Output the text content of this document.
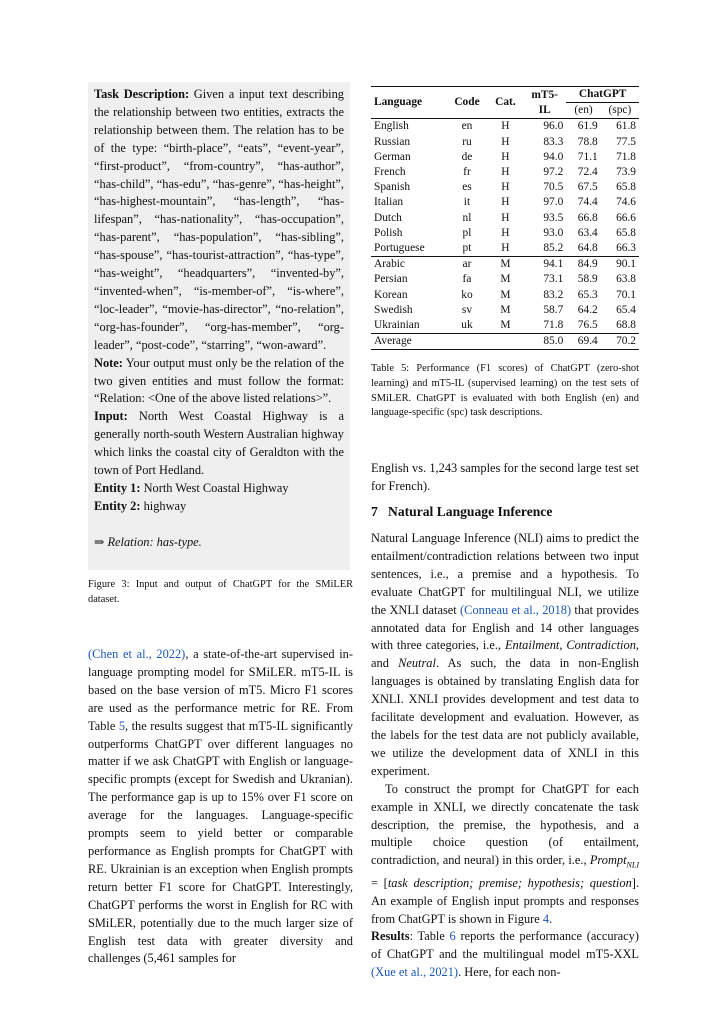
Task Description: Given a input text describing the relationship between two entities, extracts the relationship between them. The relation has to be of the type: “birth-place”, “eats”, “event-year”, “first-product”, “from-country”, “has-author”, “has-child”, “has-edu”, “has-genre”, “has-height”, “has-highest-mountain”, “has-length”, “has-lifespan”, “has-nationality”, “has-occupation”, “has-parent”, “has-population”, “has-sibling”, “has-spouse”, “has-tourist-attraction”, “has-type”, “has-weight”, “headquarters”, “invented-by”, “invented-when”, “is-member-of”, “is-where”, “loc-leader”, “movie-has-director”, “no-relation”, “org-has-founder”, “org-has-member”, “org-leader”, “post-code”, “starring”, “won-award”.

Note: Your output must only be the relation of the two given entities and must follow the format: “Relation: <One of the above listed relations>”.

Input: North West Coastal Highway is a generally north-south Western Australian highway which links the coastal city of Geraldton with the town of Port Hedland.

Entity 1: North West Coastal Highway

Entity 2: highway

⇒ Relation: has-type.

Figure 3: Input and output of ChatGPT for the SMiLER dataset.

(Chen et al., 2022), a state-of-the-art supervised in-language prompting model for SMiLER. mT5-IL is based on the base version of mT5. Micro F1 scores are used as the performance metric for RE. From Table 5, the results suggest that mT5-IL significantly outperforms ChatGPT over different languages no matter if we ask ChatGPT with English or language-specific prompts (except for Swedish and Ukranian). The performance gap is up to 15% over F1 score on average for the languages. Language-specific prompts seem to yield better or comparable performance as English prompts for ChatGPT with RE. Ukrainian is an exception when English prompts return better F1 score for ChatGPT. Interestingly, ChatGPT performs the worst in English for RC with SMiLER, potentially due to the much larger size of English test data with greater diversity and challenges (5,461 samples for

Language	Code	Cat.	mT5-
IL	ChatGPT	
				(en)	(spc)
English	en	H	96.0	61.9	61.8
Russian	ru	H	83.3	78.8	77.5
German	de	H	94.0	71.1	71.8
French	fr	H	97.2	72.4	73.9
Spanish	es	H	70.5	67.5	65.8
Italian	it	H	97.0	74.4	74.6
Dutch	nl	H	93.5	66.8	66.6
Polish	pl	H	93.0	63.4	65.8
Portuguese	pt	H	85.2	64.8	66.3
Arabic	ar	M	94.1	84.9	90.1
Persian	fa	M	73.1	58.9	63.8
Korean	ko	M	83.2	65.3	70.1
Swedish	sv	M	58.7	64.2	65.4
Ukrainian	uk	M	71.8	76.5	68.8
Average			85.0	69.4	70.2

Table 5: Performance (F1 scores) of ChatGPT (zero-shot learning) and mT5-IL (supervised learning) on the test sets of SMiLER. ChatGPT is evaluated with both English (en) and language-specific (spc) task descriptions.

English vs. 1,243 samples for the second large test set for French).

7 Natural Language Inference

Natural Language Inference (NLI) aims to predict the entailment/contradiction relations between two input sentences, i.e., a premise and a hypothesis. To evaluate ChatGPT for multilingual NLI, we utilize the XNLI dataset (Conneau et al., 2018) that provides annotated data for English and 14 other languages with three categories, i.e., Entailment, Contradiction, and Neutral. As such, the data in non-English languages is obtained by translating English data for XNLI. XNLI provides development and test data to facilitate development and evaluation. However, as the labels for the test data are not publicly available, we utilize the development data of XNLI in this experiment.

To construct the prompt for ChatGPT for each example in XNLI, we directly concatenate the task description, the premise, the hypothesis, and a multiple choice question (of entailment, contradiction, and neural) in this order, i.e., Prompt$_{NLI}$ = [task description; premise; hypothesis; question]. An example of English input prompts and responses from ChatGPT is shown in Figure 4.

Results: Table 6 reports the performance (accuracy) of ChatGPT and the multilingual model mT5-XXL (Xue et al., 2021). Here, for each non-
